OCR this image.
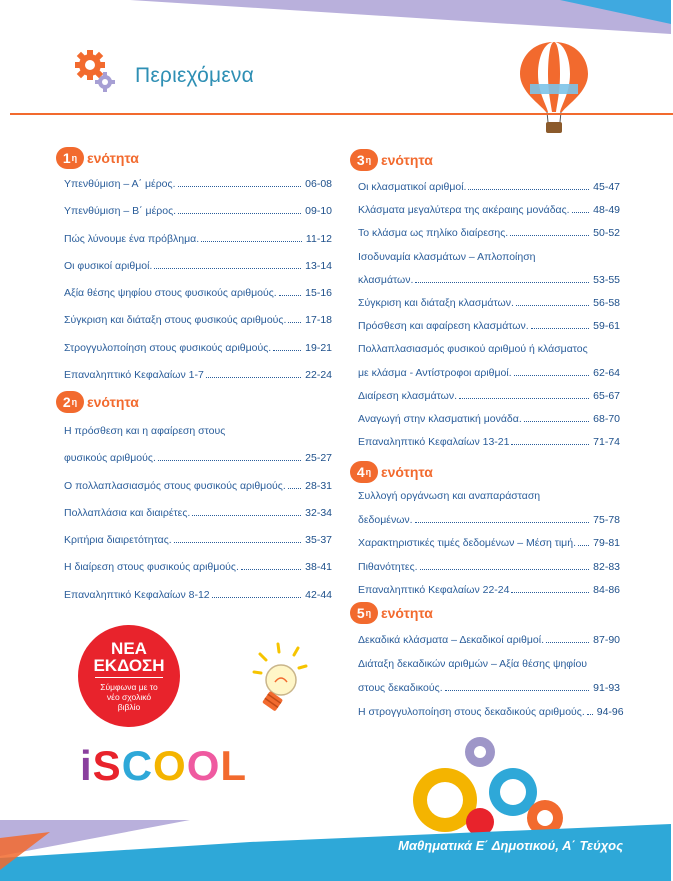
Περιεχόμενα
1 η ενότητα
Υπενθύμιση – Α΄ μέρος.	06-08
Υπενθύμιση – Β΄ μέρος.	09-10
Πώς λύνουμε ένα πρόβλημα.	11-12
Οι φυσικοί αριθμοί.	13-14
Αξία θέσης ψηφίου στους φυσικούς αριθμούς.	15-16
Σύγκριση και διάταξη στους φυσικούς αριθμούς. 17-18
Στρογγυλοποίηση στους φυσικούς αριθμούς.	19-21
Επαναληπτικό Κεφαλαίων 1-7	22-24
2 η ενότητα
Η πρόσθεση και η αφαίρεση στους
φυσικούς αριθμούς.	25-27
Ο πολλαπλασιασμός στους φυσικούς αριθμούς. 28-31
Πολλαπλάσια και διαιρέτες.	32-34
Κριτήρια διαιρετότητας.	35-37
Η διαίρεση στους φυσικούς αριθμούς.	38-41
Επαναληπτικό Κεφαλαίων 8-12	42-44
3 η ενότητα
Οι κλασματικοί αριθμοί.	45-47
Κλάσματα μεγαλύτερα της ακέραιης μονάδας. 48-49
Το κλάσμα ως πηλίκο διαίρεσης.	50-52
Ισοδυναμία κλασμάτων – Απλοποίηση
κλασμάτων.	53-55
Σύγκριση και διάταξη κλασμάτων.	56-58
Πρόσθεση και αφαίρεση κλασμάτων.	59-61
Πολλαπλασιασμός φυσικού αριθμού ή κλάσματος
με κλάσμα - Αντίστροφοι αριθμοί.	62-64
Διαίρεση κλασμάτων.	65-67
Αναγωγή στην κλασματική μονάδα.	68-70
Επαναληπτικό Κεφαλαίων 13-21	71-74
4 η ενότητα
Συλλογή οργάνωση και αναπαράσταση
δεδομένων.	75-78
Χαρακτηριστικές τιμές δεδομένων – Μέση τιμή. 79-81
Πιθανότητες.	82-83
Επαναληπτικό Κεφαλαίων 22-24	84-86
5 η ενότητα
Δεκαδικά κλάσματα – Δεκαδικοί αριθμοί.	87-90
Διάταξη δεκαδικών αριθμών – Αξία θέσης ψηφίου
στους δεκαδικούς.	91-93
Η στρογγυλοποίηση στους δεκαδικούς αριθμούς. 94-96
ΝΕΑ
ΕΚΔΟΣΗ
Σύμφωνα με το
νέο σχολικό
βιβλίο
iSCOOL
Μαθηματικά Ε΄ Δημοτικού, Α΄ Τεύχος
